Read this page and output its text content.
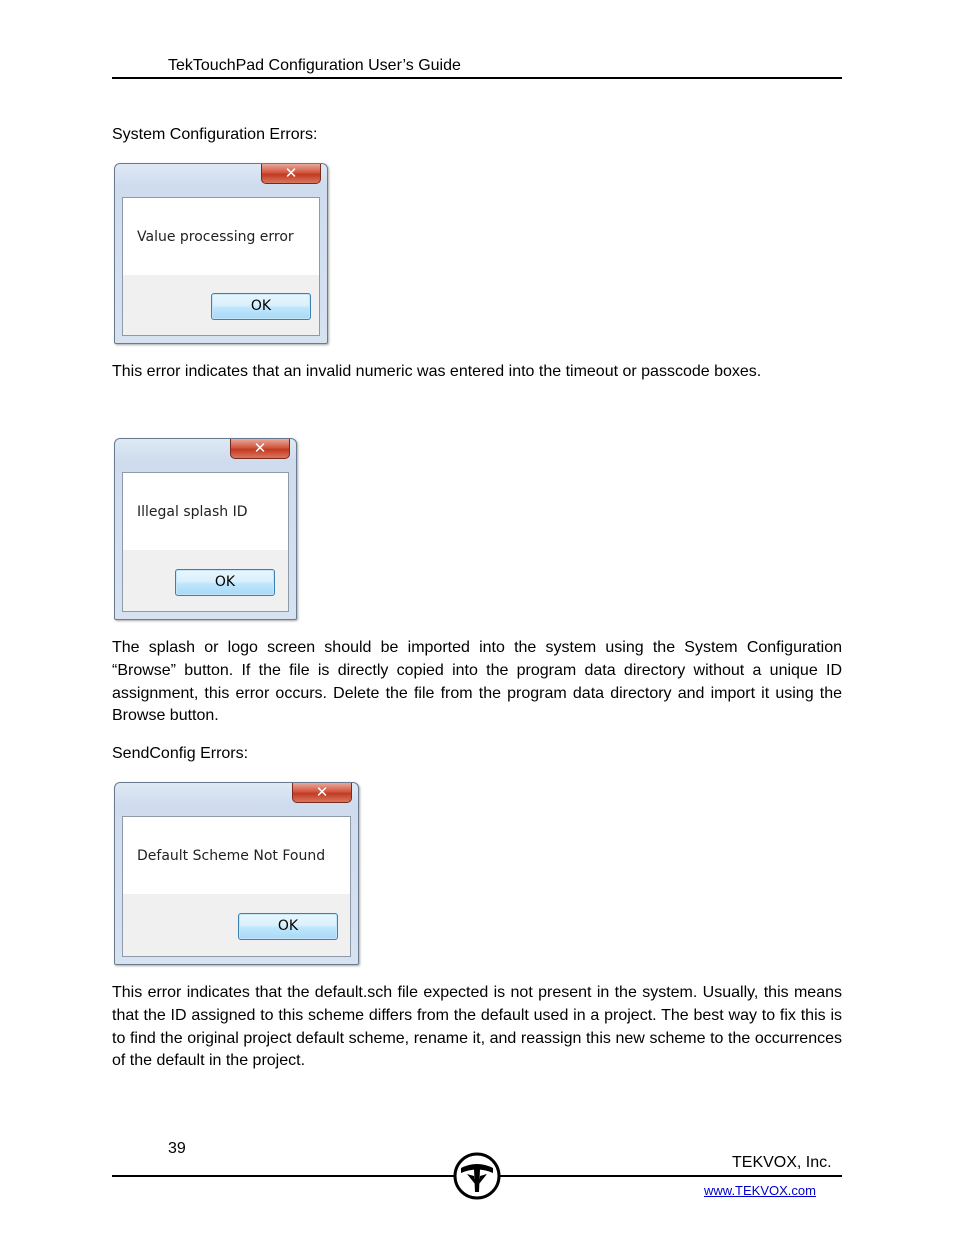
TekTouchPad Configuration User’s Guide
System Configuration Errors:
✕
Value processing error
OK
This error indicates that an invalid numeric was entered into the timeout or passcode boxes.
✕
Illegal splash ID
OK
The splash or logo screen should be imported into the system using the System Configuration “Browse” button. If the file is directly copied into the program data directory without a unique ID assignment, this error occurs. Delete the file from the program data directory and import it using the Browse button.
SendConfig Errors:
✕
Default Scheme Not Found
OK
This error indicates that the default.sch file expected is not present in the system. Usually, this means that the ID assigned to this scheme differs from the default used in a project. The best way to fix this is to find the original project default scheme, rename it, and reassign this new scheme to the occurrences of the default in the project.
39
TEKVOX, Inc.
www.TEKVOX.com
